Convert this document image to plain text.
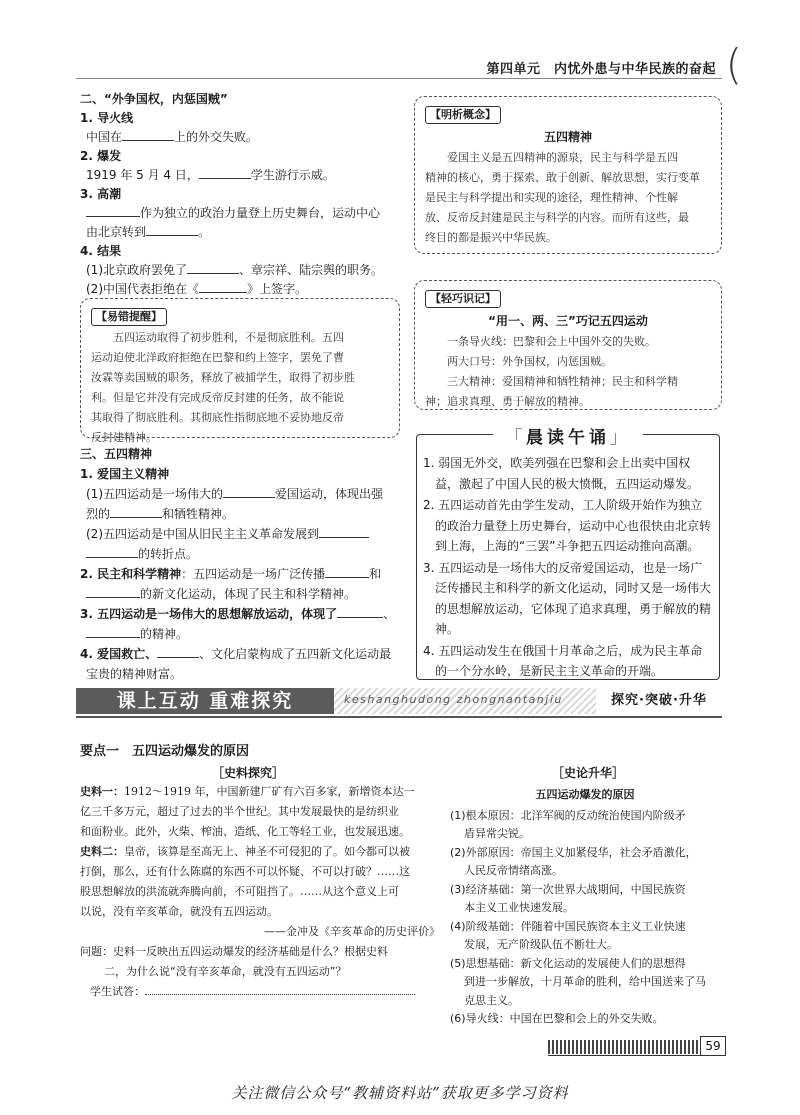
第四单元　内忧外患与中华民族的奋起 (
二、“外争国权，内惩国贼”
1. 导火线
中国在	上的外交失败。
2. 爆发
1919 年 5 月 4 日，	学生游行示威。
3. 高潮
作为独立的政治力量登上历史舞台，运动中心
由北京转到	。
4. 结果
(1)北京政府罢免了	、章宗祥、陆宗舆的职务。
(2)中国代表拒绝在《	》上签字。
【易错提醒】
五四运动取得了初步胜利，不是彻底胜利。五四
运动迫使北洋政府拒绝在巴黎和约上签字，罢免了曹
汝霖等卖国贼的职务，释放了被捕学生，取得了初步胜
利。但是它并没有完成反帝反封建的任务，故不能说
其取得了彻底胜利。其彻底性指彻底地不妥协地反帝
反封建精神。
三、五四精神
1. 爱国主义精神
(1)五四运动是一场伟大的	爱国运动，体现出强
烈的	和牺牲精神。
(2)五四运动是中国从旧民主主义革命发展到
的转折点。
2. 民主和科学精神：五四运动是一场广泛传播	和
的新文化运动，体现了民主和科学精神。
3. 五四运动是一场伟大的思想解放运动，体现了	、
的精神。
4. 爱国救亡、	、文化启蒙构成了五四新文化运动最
宝贵的精神财富。
【明析概念】
五四精神
爱国主义是五四精神的源泉，民主与科学是五四
精神的核心，勇于探索、敢于创新、解放思想，实行变革
是民主与科学提出和实现的途径，理性精神、个性解
放、反帝反封建是民主与科学的内容。而所有这些，最
终目的都是振兴中华民族。
【轻巧识记】
“用一、两、三”巧记五四运动
一条导火线：巴黎和会上中国外交的失败。
两大口号：外争国权，内惩国贼。
三大精神：爱国精神和牺牲精神；民主和科学精
神；追求真理、勇于解放的精神。
「晨读午诵」
1. 弱国无外交，欧美列强在巴黎和会上出卖中国权益，激起了中国人民的极大愤慨，五四运动爆发。
2. 五四运动首先由学生发动，工人阶级开始作为独立的政治力量登上历史舞台，运动中心也很快由北京转到上海，上海的“三罢”斗争把五四运动推向高潮。
3. 五四运动是一场伟大的反帝爱国运动，也是一场广泛传播民主和科学的新文化运动，同时又是一场伟大的思想解放运动，它体现了追求真理，勇于解放的精神。
4. 五四运动发生在俄国十月革命之后，成为民主革命的一个分水岭，是新民主主义革命的开端。
课上互动 重难探究	keshanghudong zhongnantanjiu	探究·突破·升华
要点一　五四运动爆发的原因
［史料探究］	［史论升华］

史料一：1912～1919 年，中国新建厂矿有六百多家，新增资本达一

亿三千多万元，超过了过去的半个世纪。其中发展最快的是纺织业

和面粉业。此外，火柴、榨油、造纸、化工等轻工业，也发展迅速。

史料二：皇帝，该算是至高无上、神圣不可侵犯的了。如今都可以被

打倒，那么，还有什么陈腐的东西不可以怀疑、不可以打破？……这

股思想解放的洪流就奔腾向前，不可阻挡了。……从这个意义上可

以说，没有辛亥革命，就没有五四运动。

——金冲及《辛亥革命的历史评价》

问题：史料一反映出五四运动爆发的经济基础是什么？根据史料

二，为什么说“没有辛亥革命，就没有五四运动”？

学生试答：

五四运动爆发的原因
(1)根本原因：北洋军阀的反动统治使国内阶级矛
盾异常尖锐。
(2)外部原因：帝国主义加紧侵华，社会矛盾激化，
人民反帝情绪高涨。
(3)经济基础：第一次世界大战期间，中国民族资
本主义工业快速发展。
(4)阶级基础：伴随着中国民族资本主义工业快速
发展，无产阶级队伍不断壮大。
(5)思想基础：新文化运动的发展使人们的思想得
到进一步解放，十月革命的胜利，给中国送来了马
克思主义。
(6)导火线：中国在巴黎和会上的外交失败。
59
关注微信公众号“教辅资料站”获取更多学习资料
